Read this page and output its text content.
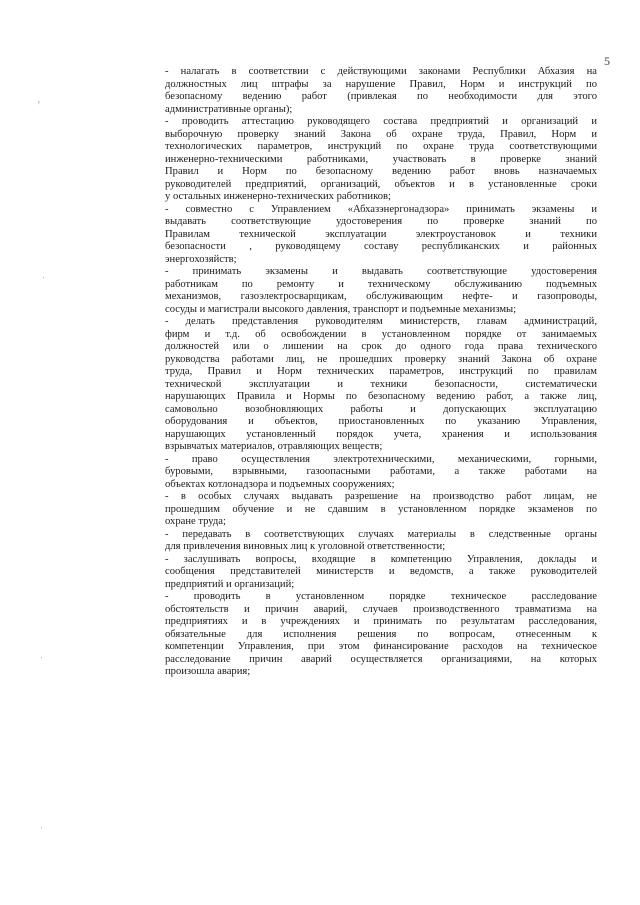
5
ꞌ
ˌ
ˌ
ˌ
- налагать в соответствии с действующими законами Республики Абхазия на
должностных лиц штрафы за нарушение Правил, Норм и инструкций по
безопасному ведению работ (привлекая по необходимости для этого
административные органы);
- проводить аттестацию руководящего состава предприятий и организаций и
выборочную проверку знаний Закона об охране труда, Правил, Норм и
технологических параметров, инструкций по охране труда соответствующими
инженерно-техническими работниками, участвовать в проверке знаний
Правил и Норм по безопасному ведению работ вновь назначаемых
руководителей предприятий, организаций, объектов и в установленные сроки
у остальных инженерно-технических работников;
- совместно с Управлением «Абхазэнергонадзора» принимать экзамены и
выдавать соответствующие удостоверения по проверке знаний по
Правилам технической эксплуатации электроустановок и техники
безопасности , руководящему составу республиканских и районных
энергохозяйств;
- принимать экзамены и выдавать соответствующие удостоверения
работникам по ремонту и техническому обслуживанию подъемных
механизмов, газоэлектросварщикам, обслуживающим нефте- и газопроводы,
сосуды и магистрали высокого давления, транспорт и подъемные механизмы;
- делать представления руководителям министерств, главам администраций,
фирм и т.д. об освобождении в установленном порядке от занимаемых
должностей или о лишении на срок до одного года права технического
руководства работами лиц, не прошедших проверку знаний Закона об охране
труда, Правил и Норм технических параметров, инструкций по правилам
технической эксплуатации и техники безопасности, систематически
нарушающих Правила и Нормы по безопасному ведению работ, а также лиц,
самовольно возобновляющих работы и допускающих эксплуатацию
оборудования и объектов, приостановленных по указанию Управления,
нарушающих установленный порядок учета, хранения и использования
взрывчатых материалов, отравляющих веществ;
- право осуществления электротехническими, механическими, горными,
буровыми, взрывными, газоопасными работами, а также работами на
объектах котлонадзора и подъемных сооружениях;
- в особых случаях выдавать разрешение на производство работ лицам, не
прошедшим обучение и не сдавшим в установленном порядке экзаменов по
охране труда;
- передавать в соответствующих случаях материалы в следственные органы
для привлечения виновных лиц к уголовной ответственности;
- заслушивать вопросы, входящие в компетенцию Управления, доклады и
сообщения представителей министерств и ведомств, а также руководителей
предприятий и организаций;
- проводить в установленном порядке техническое расследование
обстоятельств и причин аварий, случаев производственного травматизма на
предприятиях и в учреждениях и принимать по результатам расследования,
обязательные для исполнения решения по вопросам, отнесенным к
компетенции Управления, при этом финансирование расходов на техническое
расследование причин аварий осуществляется организациями, на которых
произошла авария;
